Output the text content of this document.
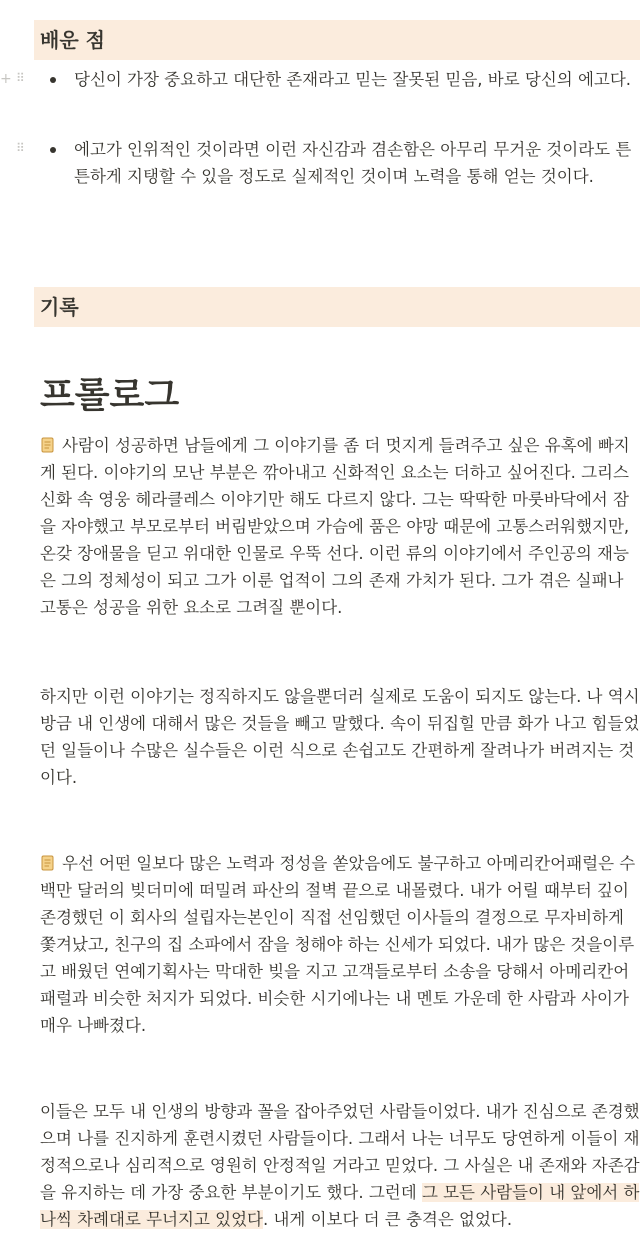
배운 점
+ ⠿	당신이 가장 중요하고 대단한 존재라고 믿는 잘못된 믿음, 바로 당신의 에고다.
⠿	에고가 인위적인 것이라면 이런 자신감과 겸손함은 아무리 무거운 것이라도 튼튼하게 지탱할 수 있을 정도로 실제적인 것이며 노력을 통해 얻는 것이다.
기록
프롤로그
사람이 성공하면 남들에게 그 이야기를 좀 더 멋지게 들려주고 싶은 유혹에 빠지게 된다. 이야기의 모난 부분은 깎아내고 신화적인 요소는 더하고 싶어진다. 그리스신화 속 영웅 헤라클레스 이야기만 해도 다르지 않다. 그는 딱딱한 마룻바닥에서 잠을 자야했고 부모로부터 버림받았으며 가슴에 품은 야망 때문에 고통스러워했지만, 온갖 장애물을 딛고 위대한 인물로 우뚝 선다. 이런 류의 이야기에서 주인공의 재능은 그의 정체성이 되고 그가 이룬 업적이 그의 존재 가치가 된다. 그가 겪은 실패나 고통은 성공을 위한 요소로 그려질 뿐이다.
하지만 이런 이야기는 정직하지도 않을뿐더러 실제로 도움이 되지도 않는다. 나 역시 방금 내 인생에 대해서 많은 것들을 빼고 말했다. 속이 뒤집힐 만큼 화가 나고 힘들었던 일들이나 수많은 실수들은 이런 식으로 손쉽고도 간편하게 잘려나가 버려지는 것이다.
우선 어떤 일보다 많은 노력과 정성을 쏟았음에도 불구하고 아메리칸어패럴은 수백만 달러의 빚더미에 떠밀려 파산의 절벽 끝으로 내몰렸다. 내가 어릴 때부터 깊이 존경했던 이 회사의 설립자는본인이 직접 선임했던 이사들의 결정으로 무자비하게 쫓겨났고, 친구의 집 소파에서 잠을 청해야 하는 신세가 되었다. 내가 많은 것을이루고 배웠던 연예기획사는 막대한 빚을 지고 고객들로부터 소송을 당해서 아메리칸어패럴과 비슷한 처지가 되었다. 비슷한 시기에나는 내 멘토 가운데 한 사람과 사이가 매우 나빠졌다.
이들은 모두 내 인생의 방향과 꼴을 잡아주었던 사람들이었다. 내가 진심으로 존경했으며 나를 진지하게 훈련시켰던 사람들이다. 그래서 나는 너무도 당연하게 이들이 재정적으로나 심리적으로 영원히 안정적일 거라고 믿었다. 그 사실은 내 존재와 자존감을 유지하는 데 가장 중요한 부분이기도 했다. 그런데 그 모든 사람들이 내 앞에서 하나씩 차례대로 무너지고 있었다. 내게 이보다 더 큰 충격은 없었다.
